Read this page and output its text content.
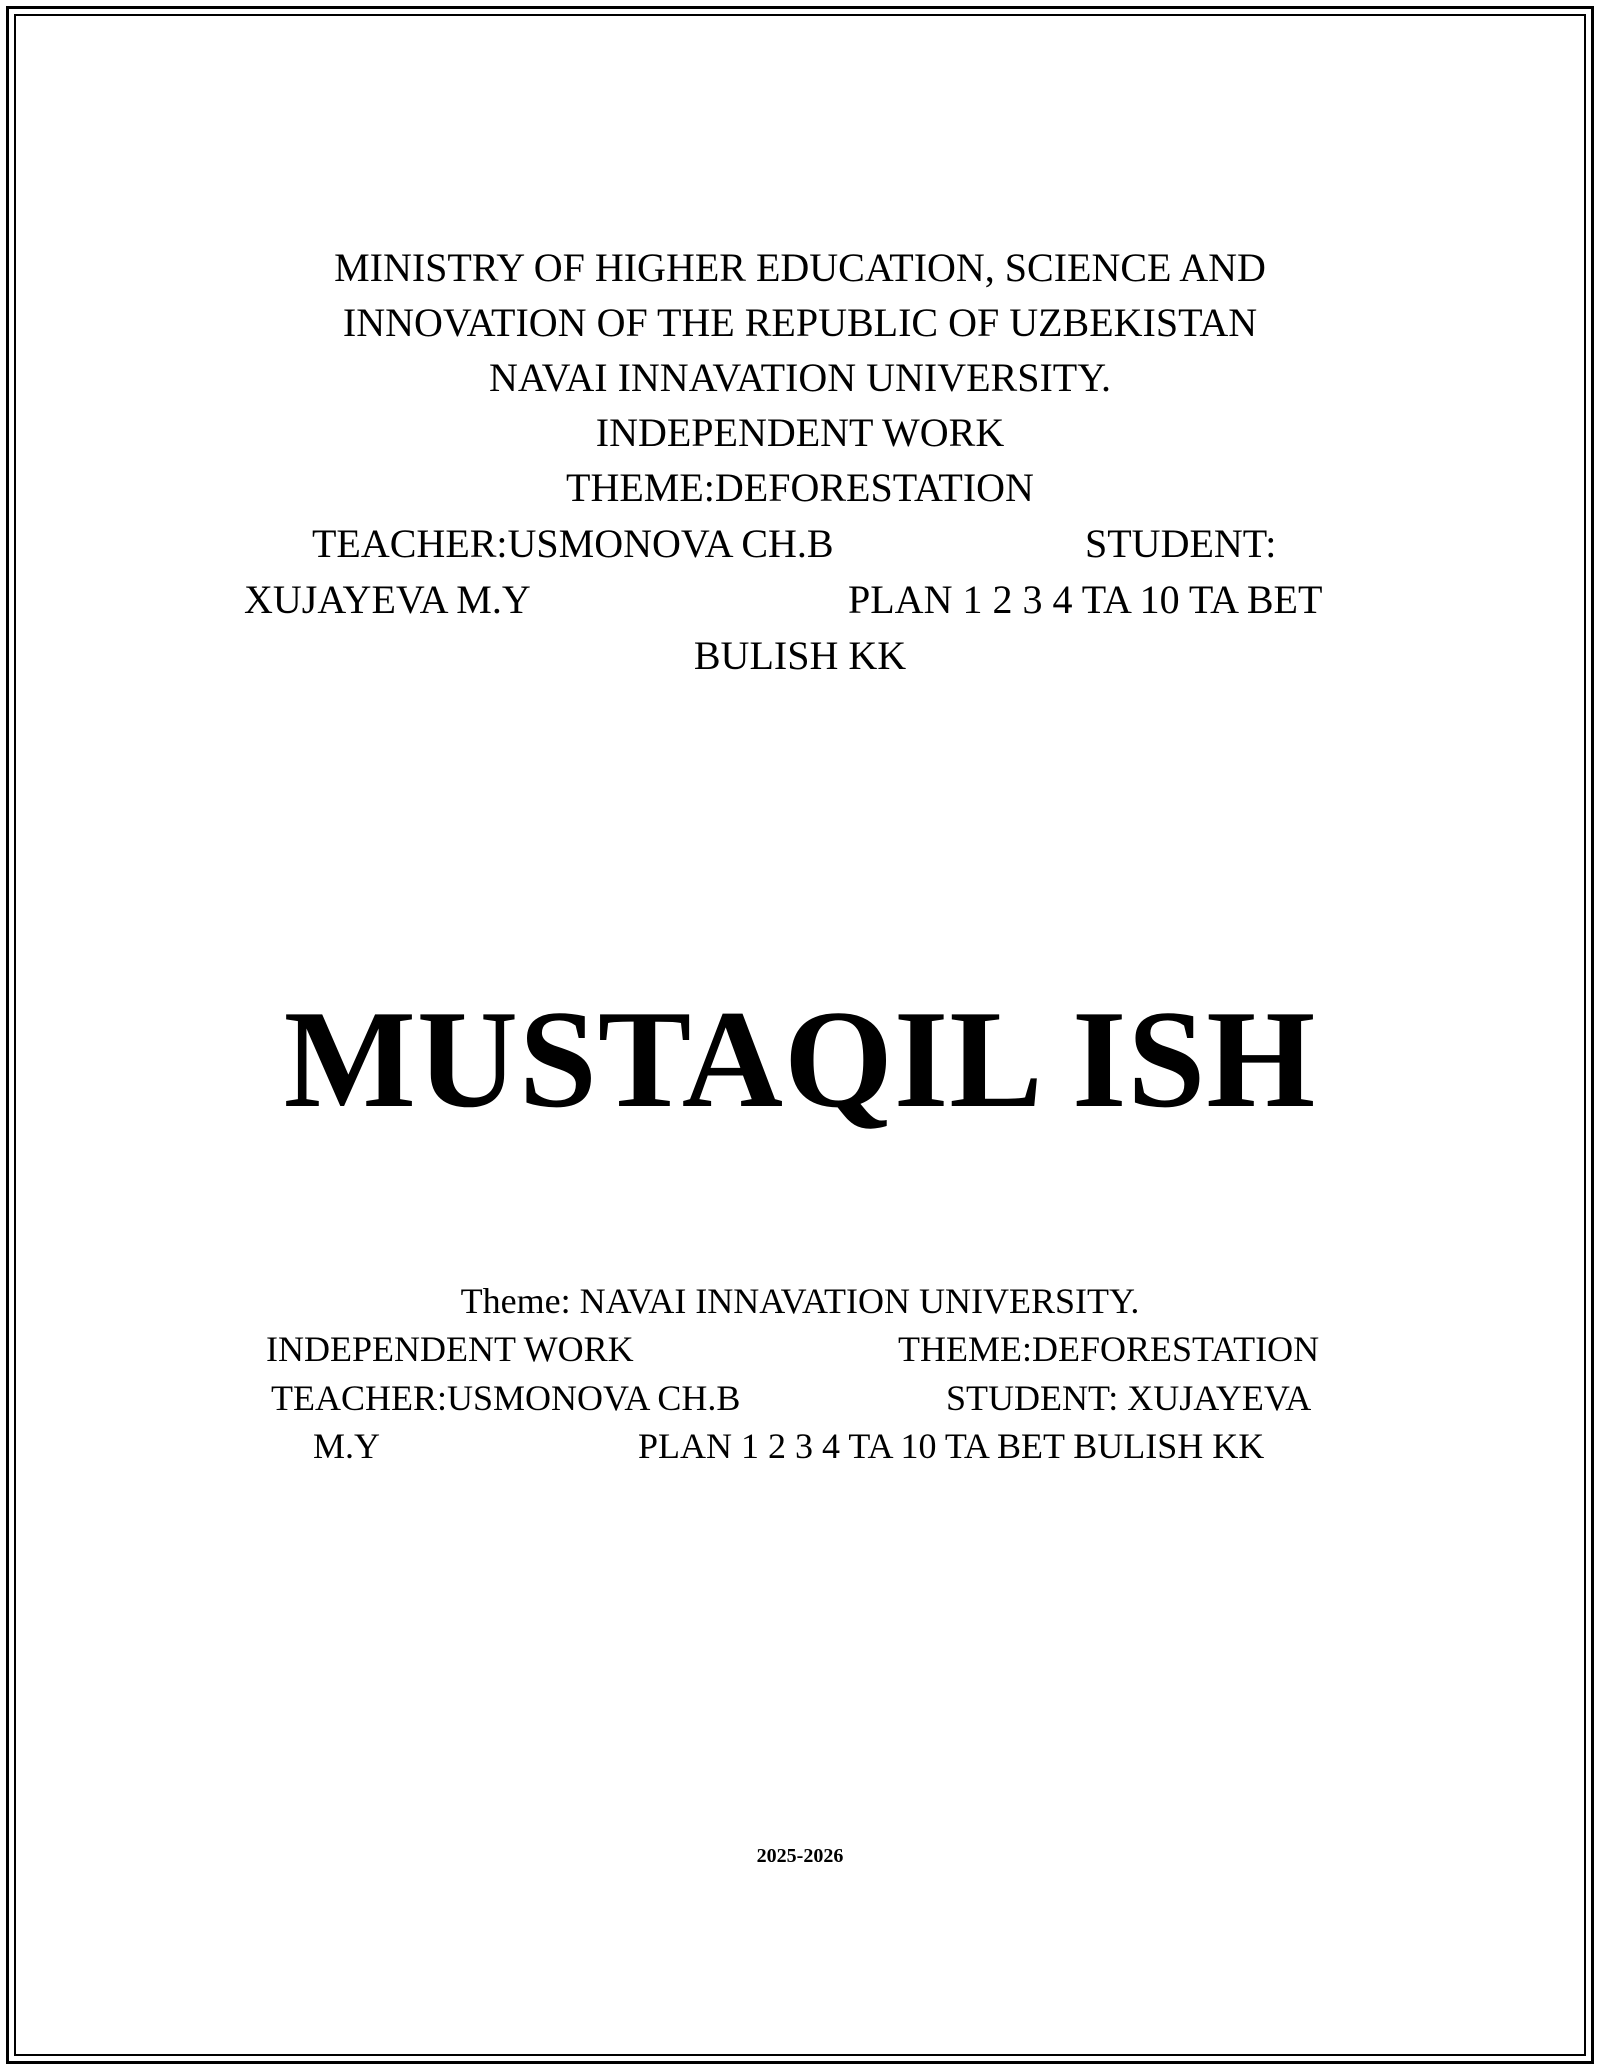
MINISTRY OF HIGHER EDUCATION, SCIENCE AND
INNOVATION OF THE REPUBLIC OF UZBEKISTAN
NAVAI INNAVATION UNIVERSITY.
INDEPENDENT WORK
THEME:DEFORESTATION
TEACHER:USMONOVA CH.B	STUDENT:
XUJAYEVA M.Y	PLAN 1 2 3 4 TA 10 TA BET
BULISH KK
MUSTAQIL ISH
Theme: NAVAI INNAVATION UNIVERSITY.
INDEPENDENT WORK	THEME:DEFORESTATION
TEACHER:USMONOVA CH.B	STUDENT: XUJAYEVA
M.Y	PLAN 1 2 3 4 TA 10 TA BET BULISH KK
2025-2026
